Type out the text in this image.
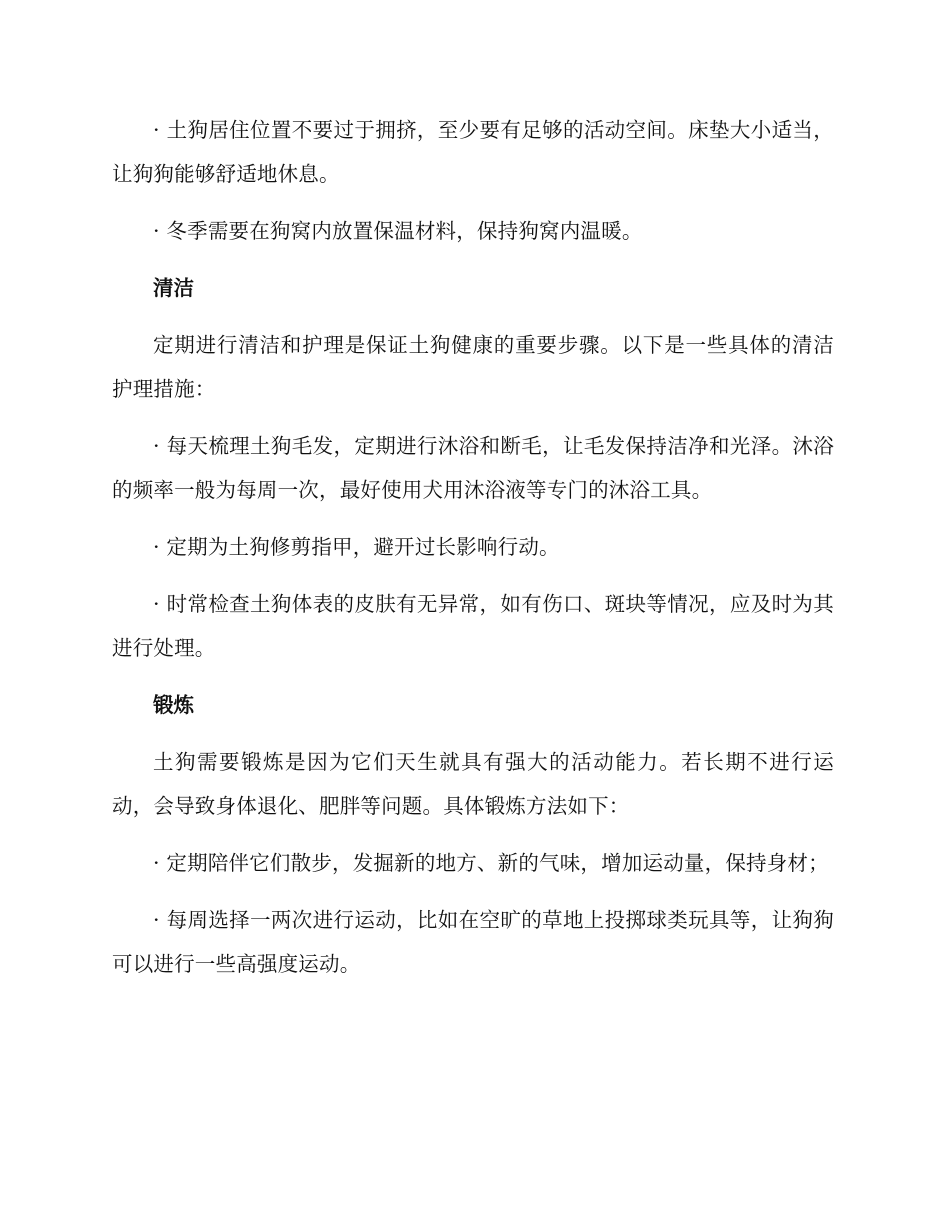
· 土狗居住位置不要过于拥挤，至少要有足够的活动空间。床垫大小适当，让狗狗能够舒适地休息。

· 冬季需要在狗窝内放置保温材料，保持狗窝内温暖。

清洁

定期进行清洁和护理是保证土狗健康的重要步骤。以下是一些具体的清洁护理措施：

· 每天梳理土狗毛发，定期进行沐浴和断毛，让毛发保持洁净和光泽。沐浴的频率一般为每周一次，最好使用犬用沐浴液等专门的沐浴工具。

· 定期为土狗修剪指甲，避开过长影响行动。

· 时常检查土狗体表的皮肤有无异常，如有伤口、斑块等情况，应及时为其进行处理。

锻炼

土狗需要锻炼是因为它们天生就具有强大的活动能力。若长期不进行运动，会导致身体退化、肥胖等问题。具体锻炼方法如下：

· 定期陪伴它们散步，发掘新的地方、新的气味，增加运动量，保持身材；

· 每周选择一两次进行运动，比如在空旷的草地上投掷球类玩具等，让狗狗可以进行一些高强度运动。
